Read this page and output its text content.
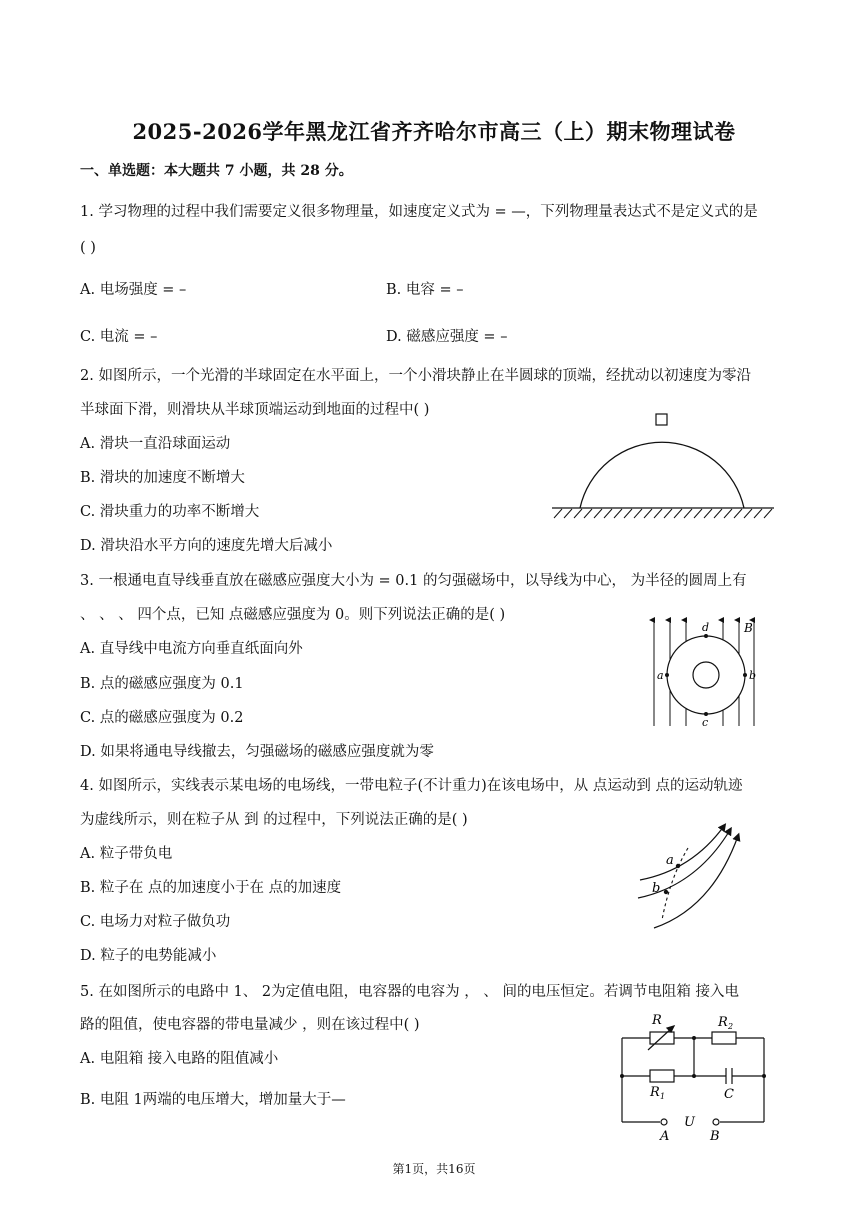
2025-2026学年黑龙江省齐齐哈尔市高三（上）期末物理试卷
一、单选题：本大题共 7 小题，共 28 分。
1. 学习物理的过程中我们需要定义很多物理量，如速度定义式为 = —，下列物理量表达式不是定义式的是
( )
A. 电场强度 = –	B. 电容 = –
C. 电流 = –	D. 磁感应强度 = –
2. 如图所示，一个光滑的半球固定在水平面上，一个小滑块静止在半圆球的顶端，经扰动以初速度为零沿
半球面下滑，则滑块从半球顶端运动到地面的过程中( )
A. 滑块一直沿球面运动
B. 滑块的加速度不断增大
C. 滑块重力的功率不断增大
D. 滑块沿水平方向的速度先增大后减小
3. 一根通电直导线垂直放在磁感应强度大小为 = 0.1 的匀强磁场中，以导线为中心， 为半径的圆周上有
、 、 、 四个点，已知 点磁感应强度为 0。则下列说法正确的是( )
A. 直导线中电流方向垂直纸面向外
B. 点的磁感应强度为 0.1
C. 点的磁感应强度为 0.2
D. 如果将通电导线撤去，匀强磁场的磁感应强度就为零
a	b
c
d	B
4. 如图所示，实线表示某电场的电场线，一带电粒子(不计重力)在该电场中，从 点运动到 点的运动轨迹
为虚线所示，则在粒子从 到 的过程中，下列说法正确的是( )
A. 粒子带负电
B. 粒子在 点的加速度小于在 点的加速度
C. 电场力对粒子做负功
D. 粒子的电势能减小
a
b
5. 在如图所示的电路中 1、 2为定值电阻，电容器的电容为 ， 、 间的电压恒定。若调节电阻箱 接入电
路的阻值，使电容器的带电量减少 ，则在该过程中( )
A. 电阻箱 接入电路的阻值减小
B. 电阻 1两端的电压增大，增加量大于—
R	R 2
R 1	C
U
A	B
第1页，共16页
